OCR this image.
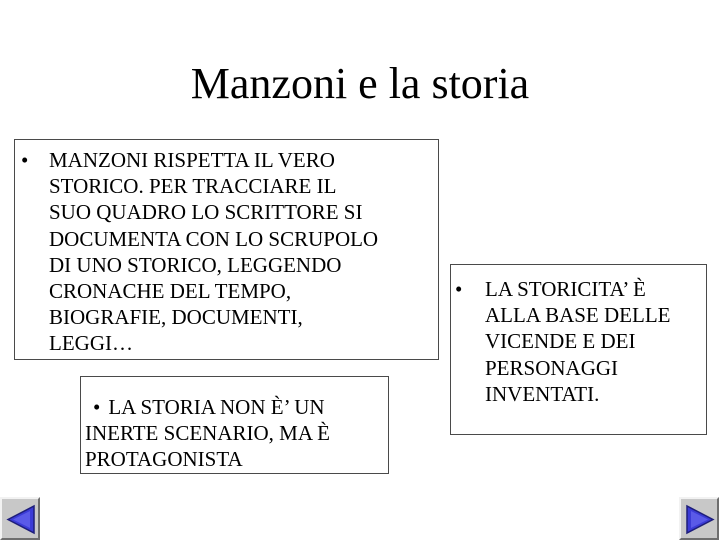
Manzoni e la storia
• MANZONI RISPETTA IL VERO
STORICO. PER TRACCIARE IL
SUO QUADRO LO SCRITTORE SI
DOCUMENTA CON LO SCRUPOLO
DI UNO STORICO, LEGGENDO
CRONACHE DEL TEMPO,
BIOGRAFIE, DOCUMENTI,
LEGGI…
•	LA STORICITA’ È
ALLA BASE DELLE
VICENDE E DEI
PERSONAGGI
INVENTATI.
• LA STORIA NON È’ UN
INERTE SCENARIO, MA È
PROTAGONISTA
